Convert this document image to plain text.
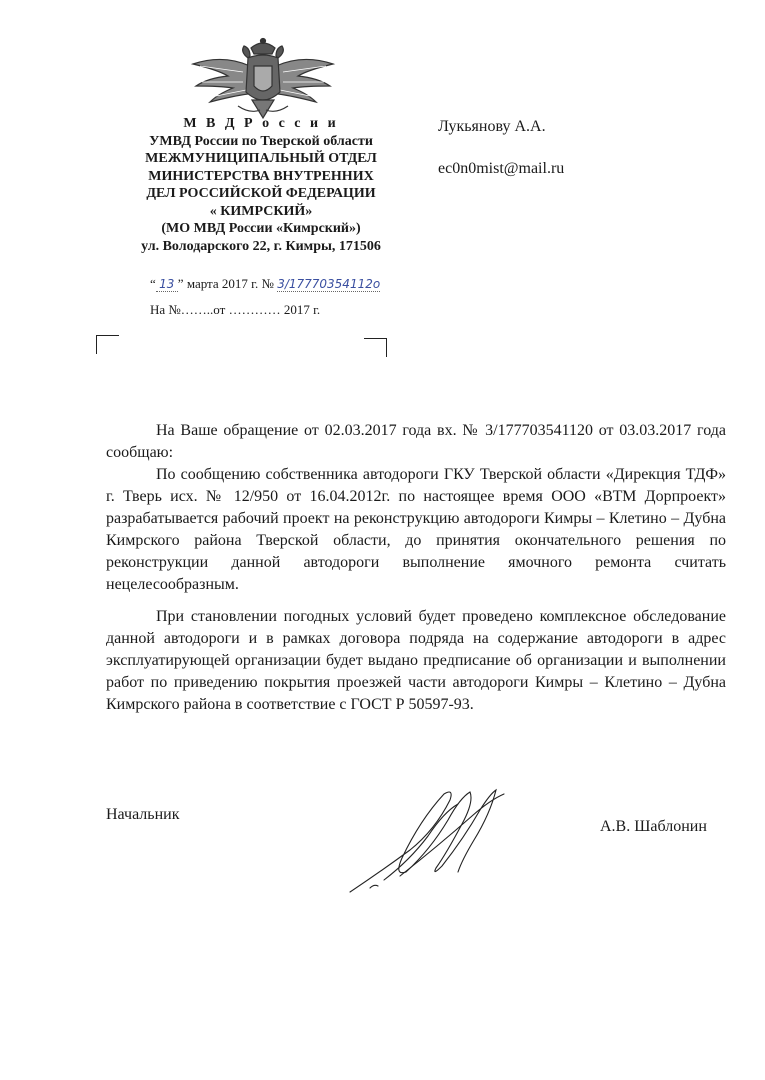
М В Д Р о с с и и
УМВД России по Тверской области
МЕЖМУНИЦИПАЛЬНЫЙ ОТДЕЛ
МИНИСТЕРСТВА ВНУТРЕННИХ
ДЕЛ РОССИЙСКОЙ ФЕДЕРАЦИИ
« КИМРСКИЙ»
(МО МВД России «Кимрский»)
ул. Володарского 22, г. Кимры, 171506
Лукьянову А.А.
ec0n0mist@mail.ru
“ 13 ” марта 2017 г. № 3/17770354112о
На №……..от ………… 2017 г.

На Ваше обращение от 02.03.2017 года вх. № 3/177703541120 от 03.03.2017 года сообщаю:

По сообщению собственника автодороги ГКУ Тверской области «Дирекция ТДФ» г. Тверь исх. № 12/950 от 16.04.2012г. по настоящее время ООО «ВТМ Дорпроект» разрабатывается рабочий проект на реконструкцию автодороги Кимры – Клетино – Дубна Кимрского района Тверской области, до принятия окончательного решения по реконструкции данной автодороги выполнение ямочного ремонта считать нецелесообразным.

При становлении погодных условий будет проведено комплексное обследование данной автодороги и в рамках договора подряда на содержание автодороги в адрес эксплуатирующей организации будет выдано предписание об организации и выполнении работ по приведению покрытия проезжей части автодороги Кимры – Клетино – Дубна Кимрского района в соответствие с ГОСТ Р 50597-93.

Начальник
А.В. Шаблонин
